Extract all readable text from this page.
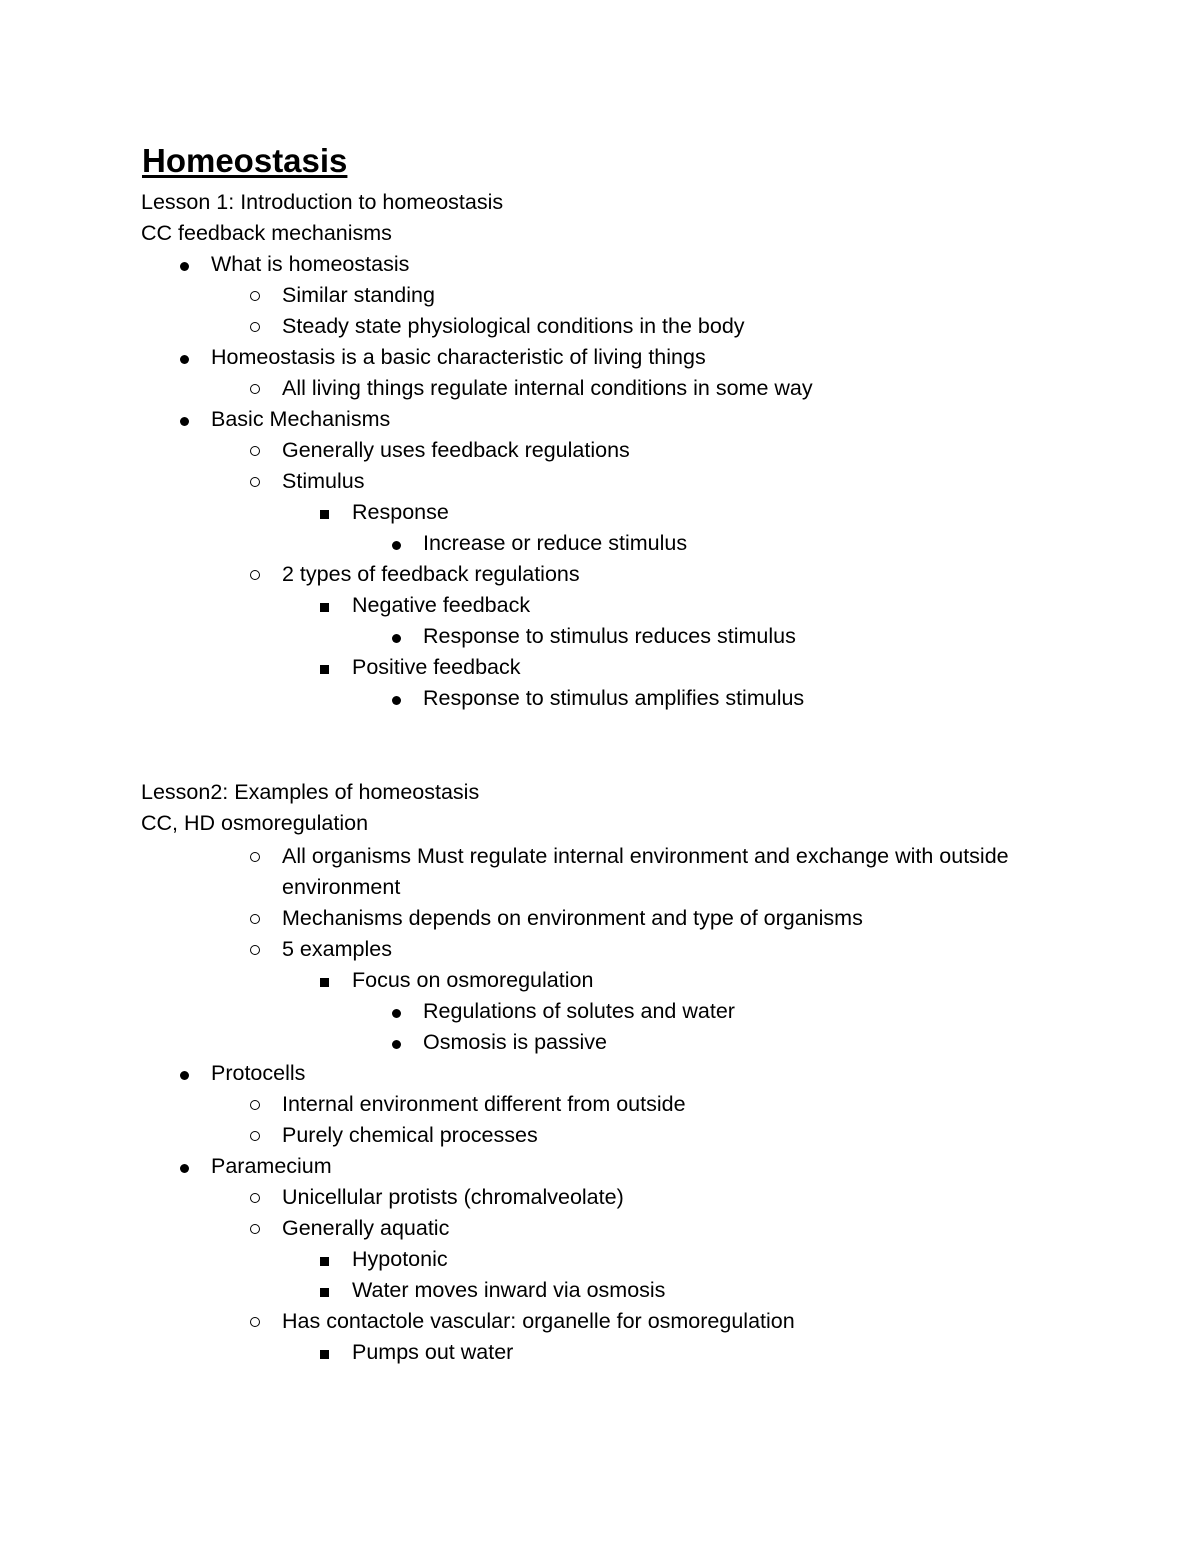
Homeostasis
Lesson 1: Introduction to homeostasis
CC feedback mechanisms
What is homeostasis
Similar standing
Steady state physiological conditions in the body
Homeostasis is a basic characteristic of living things
All living things regulate internal conditions in some way
Basic Mechanisms
Generally uses feedback regulations
Stimulus
Response
Increase or reduce stimulus
2 types of feedback regulations
Negative feedback
Response to stimulus reduces stimulus
Positive feedback
Response to stimulus amplifies stimulus
Lesson2: Examples of homeostasis
CC, HD osmoregulation
All organisms Must regulate internal environment and exchange with outside environment
Mechanisms depends on environment and type of organisms
5 examples
Focus on osmoregulation
Regulations of solutes and water
Osmosis is passive
Protocells
Internal environment different from outside
Purely chemical processes
Paramecium
Unicellular protists (chromalveolate)
Generally aquatic
Hypotonic
Water moves inward via osmosis
Has contactole vascular: organelle for osmoregulation
Pumps out water
